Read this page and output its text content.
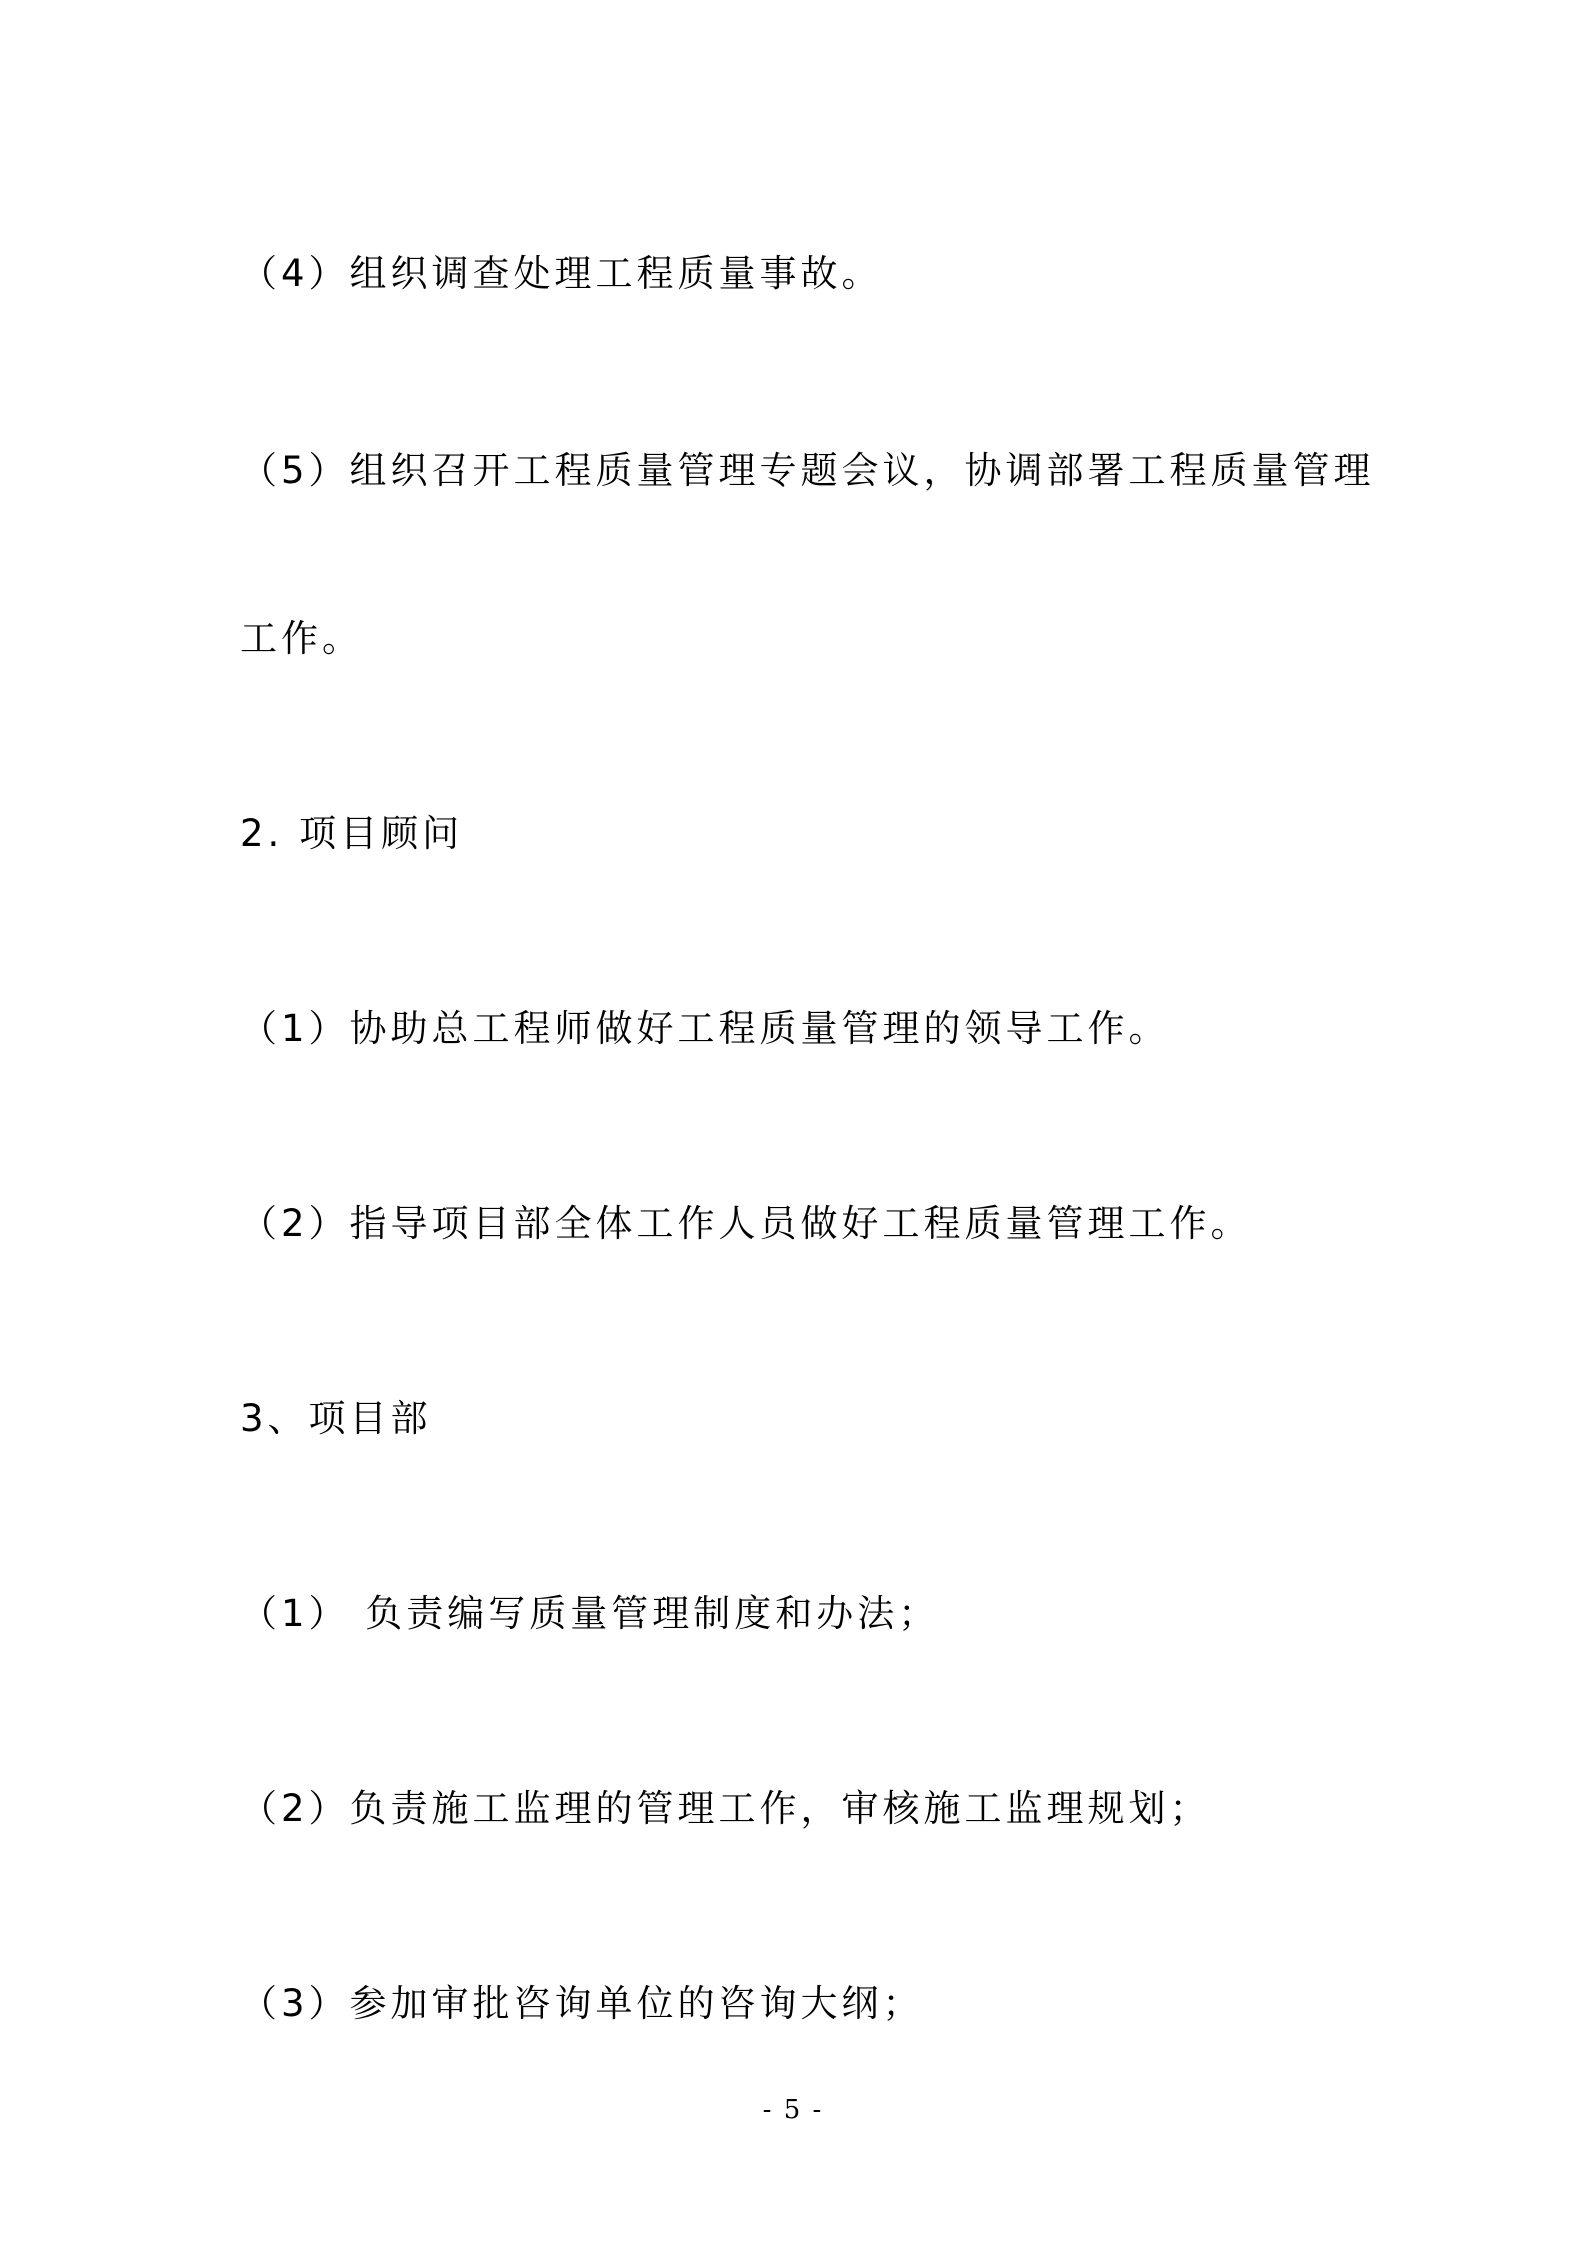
（4）组织调查处理工程质量事故。
（5）组织召开工程质量管理专题会议，协调部署工程质量管理
工作。
2. 项目顾问
（1）协助总工程师做好工程质量管理的领导工作。
（2）指导项目部全体工作人员做好工程质量管理工作。
3、项目部
（1） 负责编写质量管理制度和办法；
（2）负责施工监理的管理工作，审核施工监理规划；
（3）参加审批咨询单位的咨询大纲；
- 5 -
